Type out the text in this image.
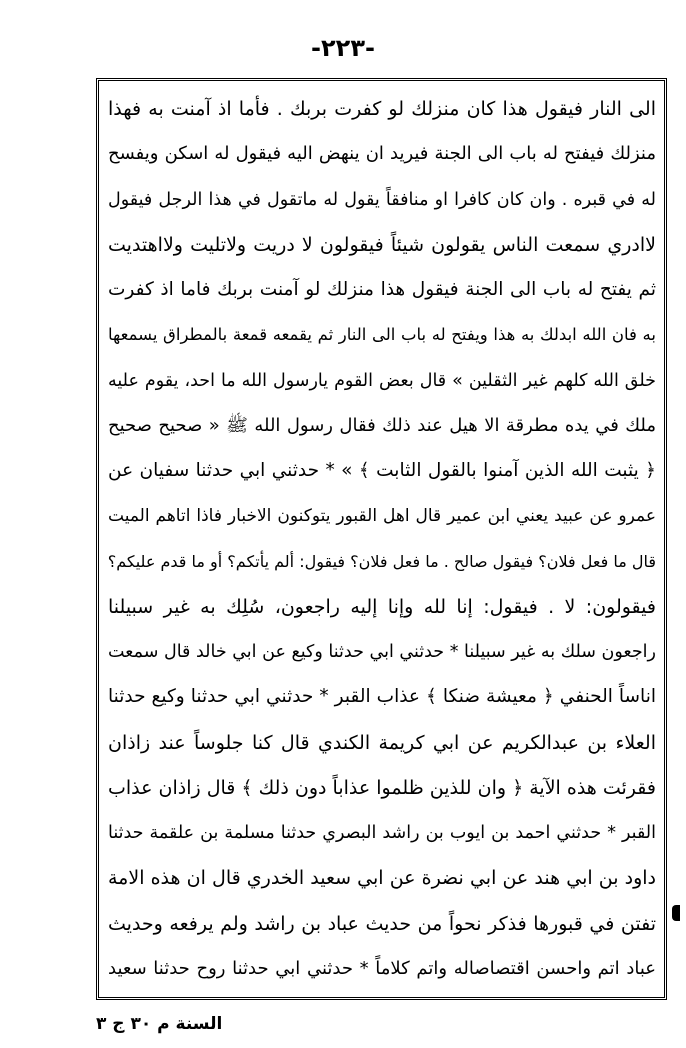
-٢٢٣-
الى النار فيقول هذا كان منزلك لو كفرت بربك . فأما اذ آمنت به فهذا
منزلك فيفتح له باب الى الجنة فيريد ان ينهض اليه فيقول له اسكن ويفسح
له في قبره . وان كان كافرا او منافقاً يقول له ماتقول في هذا الرجل فيقول
لاادري سمعت الناس يقولون شيئاً فيقولون لا دريت ولاتليت ولااهتديت
ثم يفتح له باب الى الجنة فيقول هذا منزلك لو آمنت بربك فاما اذ كفرت
به فان الله ابدلك به هذا ويفتح له باب الى النار ثم يقمعه قمعة بالمطراق يسمعها
خلق الله كلهم غير الثقلين » قال بعض القوم يارسول الله ما احد، يقوم عليه
ملك في يده مطرقة الا هيل عند ذلك فقال رسول الله ﷺ « صحيح صحيح
﴿ يثبت الله الذين آمنوا بالقول الثابت ﴾ » * حدثني ابي حدثنا سفيان عن
عمرو عن عبيد يعني ابن عمير قال اهل القبور يتوكنون الاخبار فاذا اتاهم الميت
قال ما فعل فلان؟ فيقول صالح . ما فعل فلان؟ فيقول: ألم يأتكم؟ أو ما قدم عليكم؟
فيقولون: لا . فيقول: إنا لله وإنا إليه راجعون، سُلِك به غير سبيلنا
راجعون سلك به غير سبيلنا * حدثني ابي حدثنا وكيع عن ابي خالد قال سمعت
اناساً الحنفي ﴿ معيشة ضنكا ﴾ عذاب القبر * حدثني ابي حدثنا وكيع حدثنا
العلاء بن عبدالكريم عن ابي كريمة الكندي قال كنا جلوساً عند زاذان
فقرئت هذه الآية ﴿ وان للذين ظلموا عذاباً دون ذلك ﴾ قال زاذان عذاب
القبر * حدثني احمد بن ايوب بن راشد البصري حدثنا مسلمة بن علقمة حدثنا
داود بن ابي هند عن ابي نضرة عن ابي سعيد الخدري قال ان هذه الامة
تفتن في قبورها فذكر نحواً من حديث عباد بن راشد ولم يرفعه وحديث
عباد اتم واحسن اقتصاصاله واتم كلاماً * حدثني ابي حدثنا روح حدثنا سعيد
السنة م ٣٠ ج ٣
